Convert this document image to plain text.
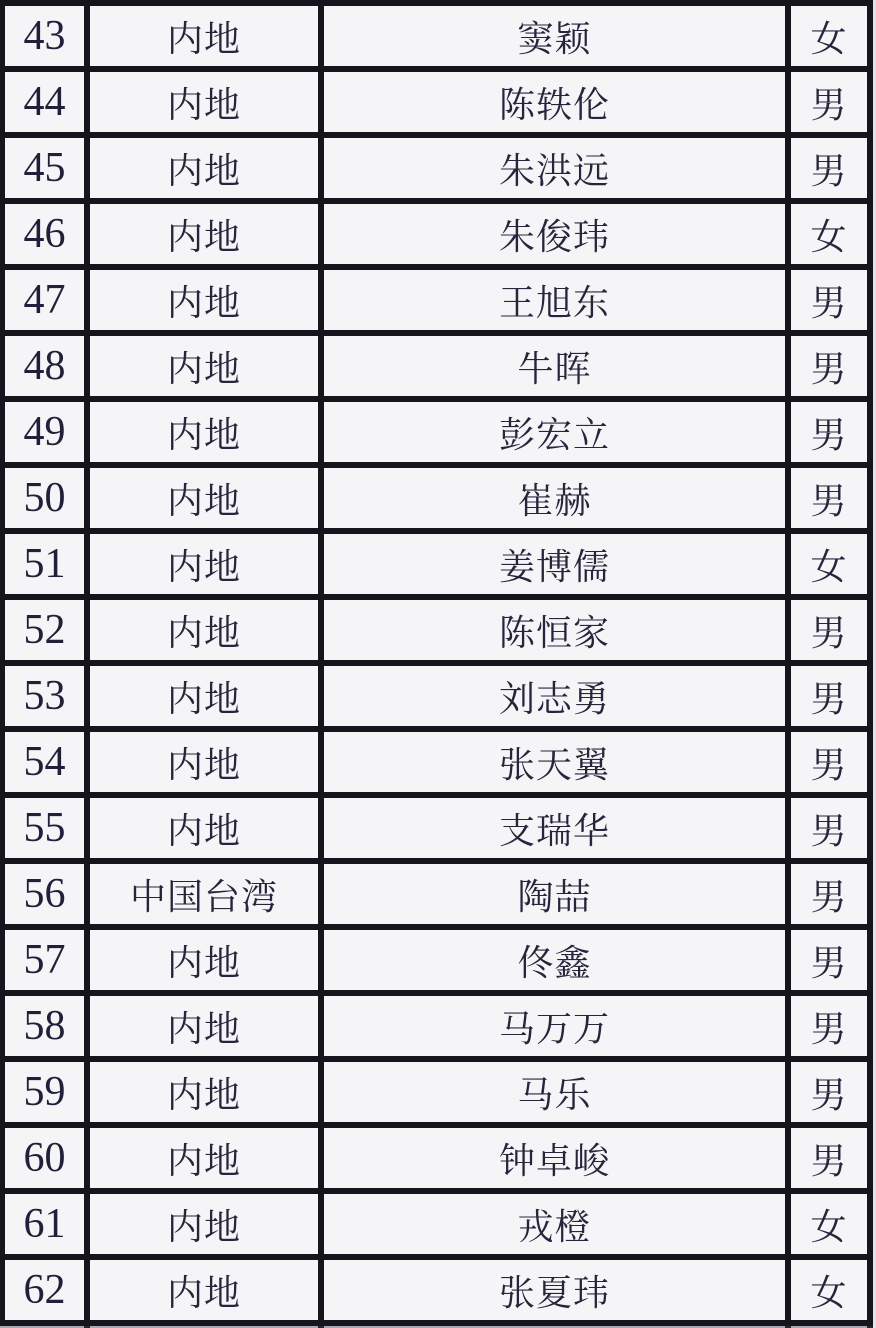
43	内地	窦颖	女
44	内地	陈轶伦	男
45	内地	朱洪远	男
46	内地	朱俊玮	女
47	内地	王旭东	男
48	内地	牛晖	男
49	内地	彭宏立	男
50	内地	崔赫	男
51	内地	姜博儒	女
52	内地	陈恒家	男
53	内地	刘志勇	男
54	内地	张天翼	男
55	内地	支瑞华	男
56	中国台湾	陶喆	男
57	内地	佟鑫	男
58	内地	马万万	男
59	内地	马乐	男
60	内地	钟卓峻	男
61	内地	戎橙	女
62	内地	张夏玮	女
